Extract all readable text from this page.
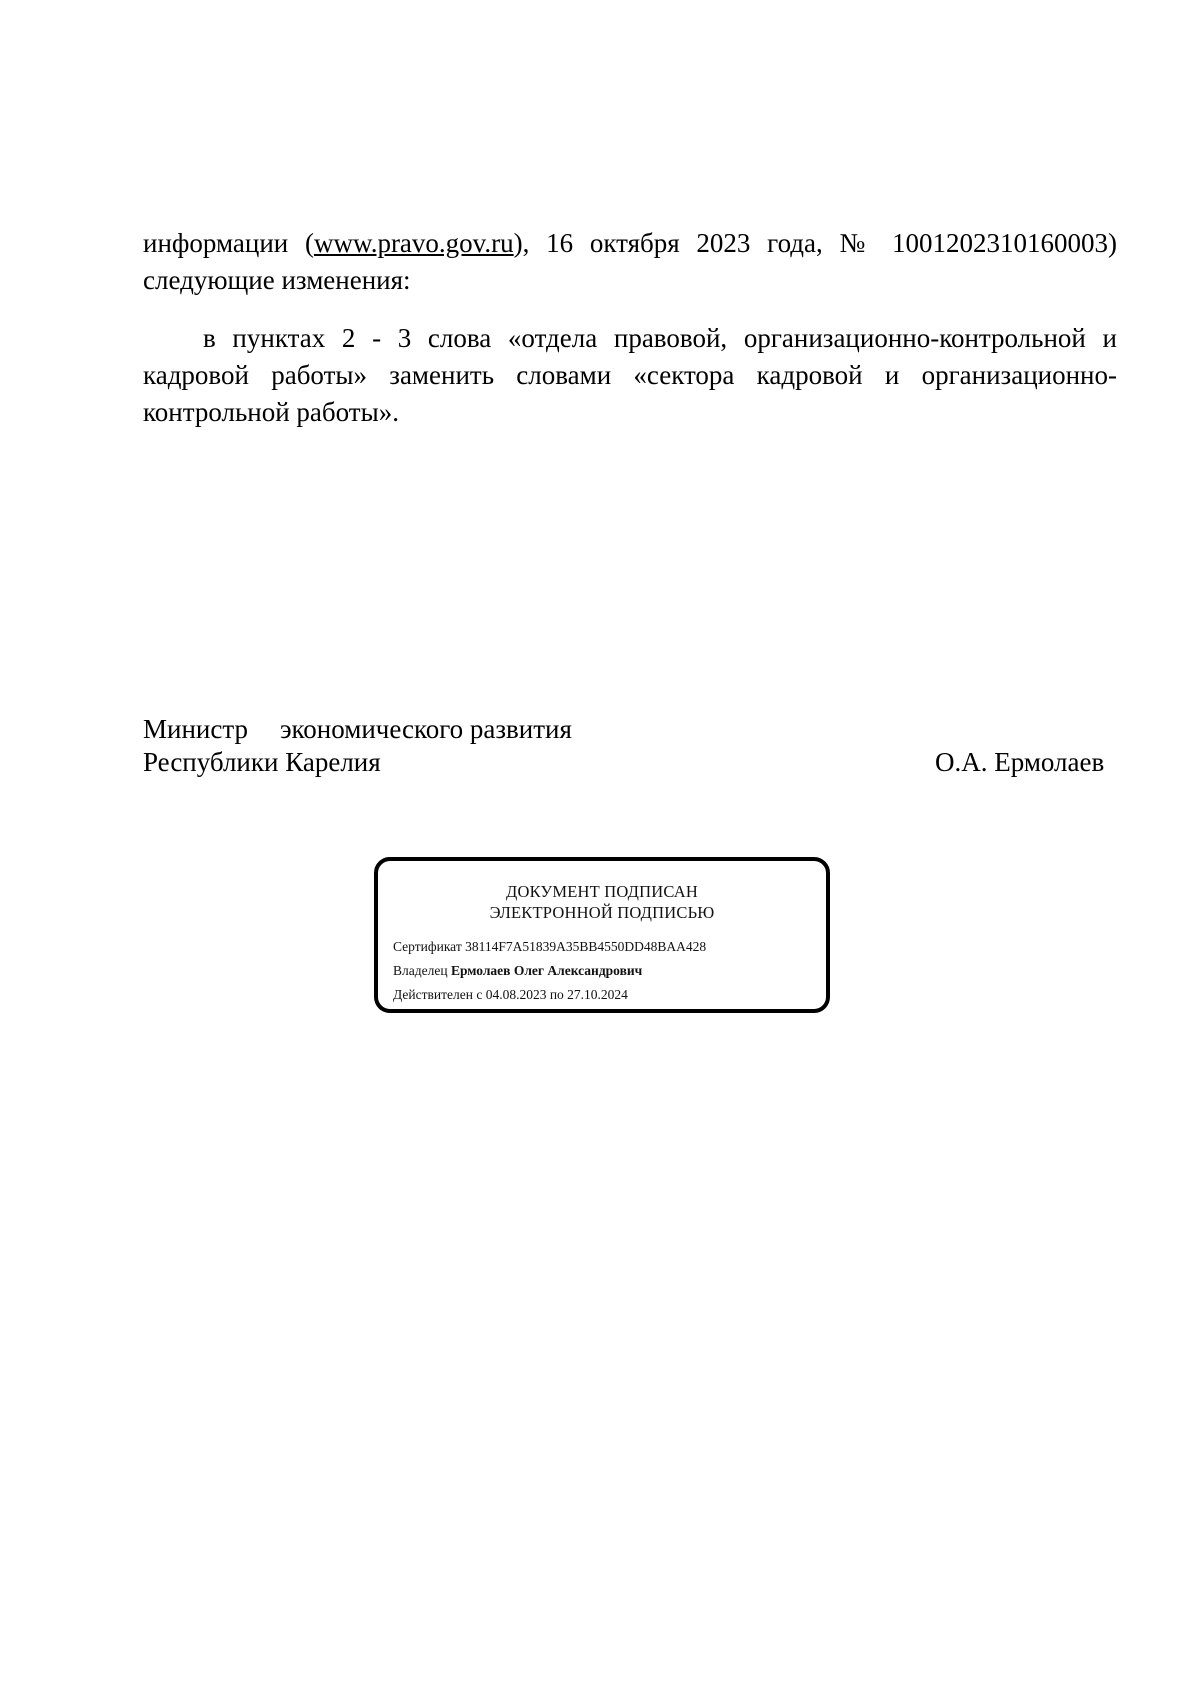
информации (www.pravo.gov.ru), 16 октября 2023 года, № 1001202310160003) следующие изменения:
в пунктах 2 - 3 слова «отдела правовой, организационно-контрольной и кадровой работы» заменить словами «сектора кадровой и организационно-контрольной работы».
Министр экономического развития
Республики Карелия	О.А. Ермолаев
ДОКУМЕНТ ПОДПИСАН
ЭЛЕКТРОННОЙ ПОДПИСЬЮ
Сертификат 38114F7A51839A35BB4550DD48BAA428
Владелец Ермолаев Олег Александрович
Действителен с 04.08.2023 по 27.10.2024
